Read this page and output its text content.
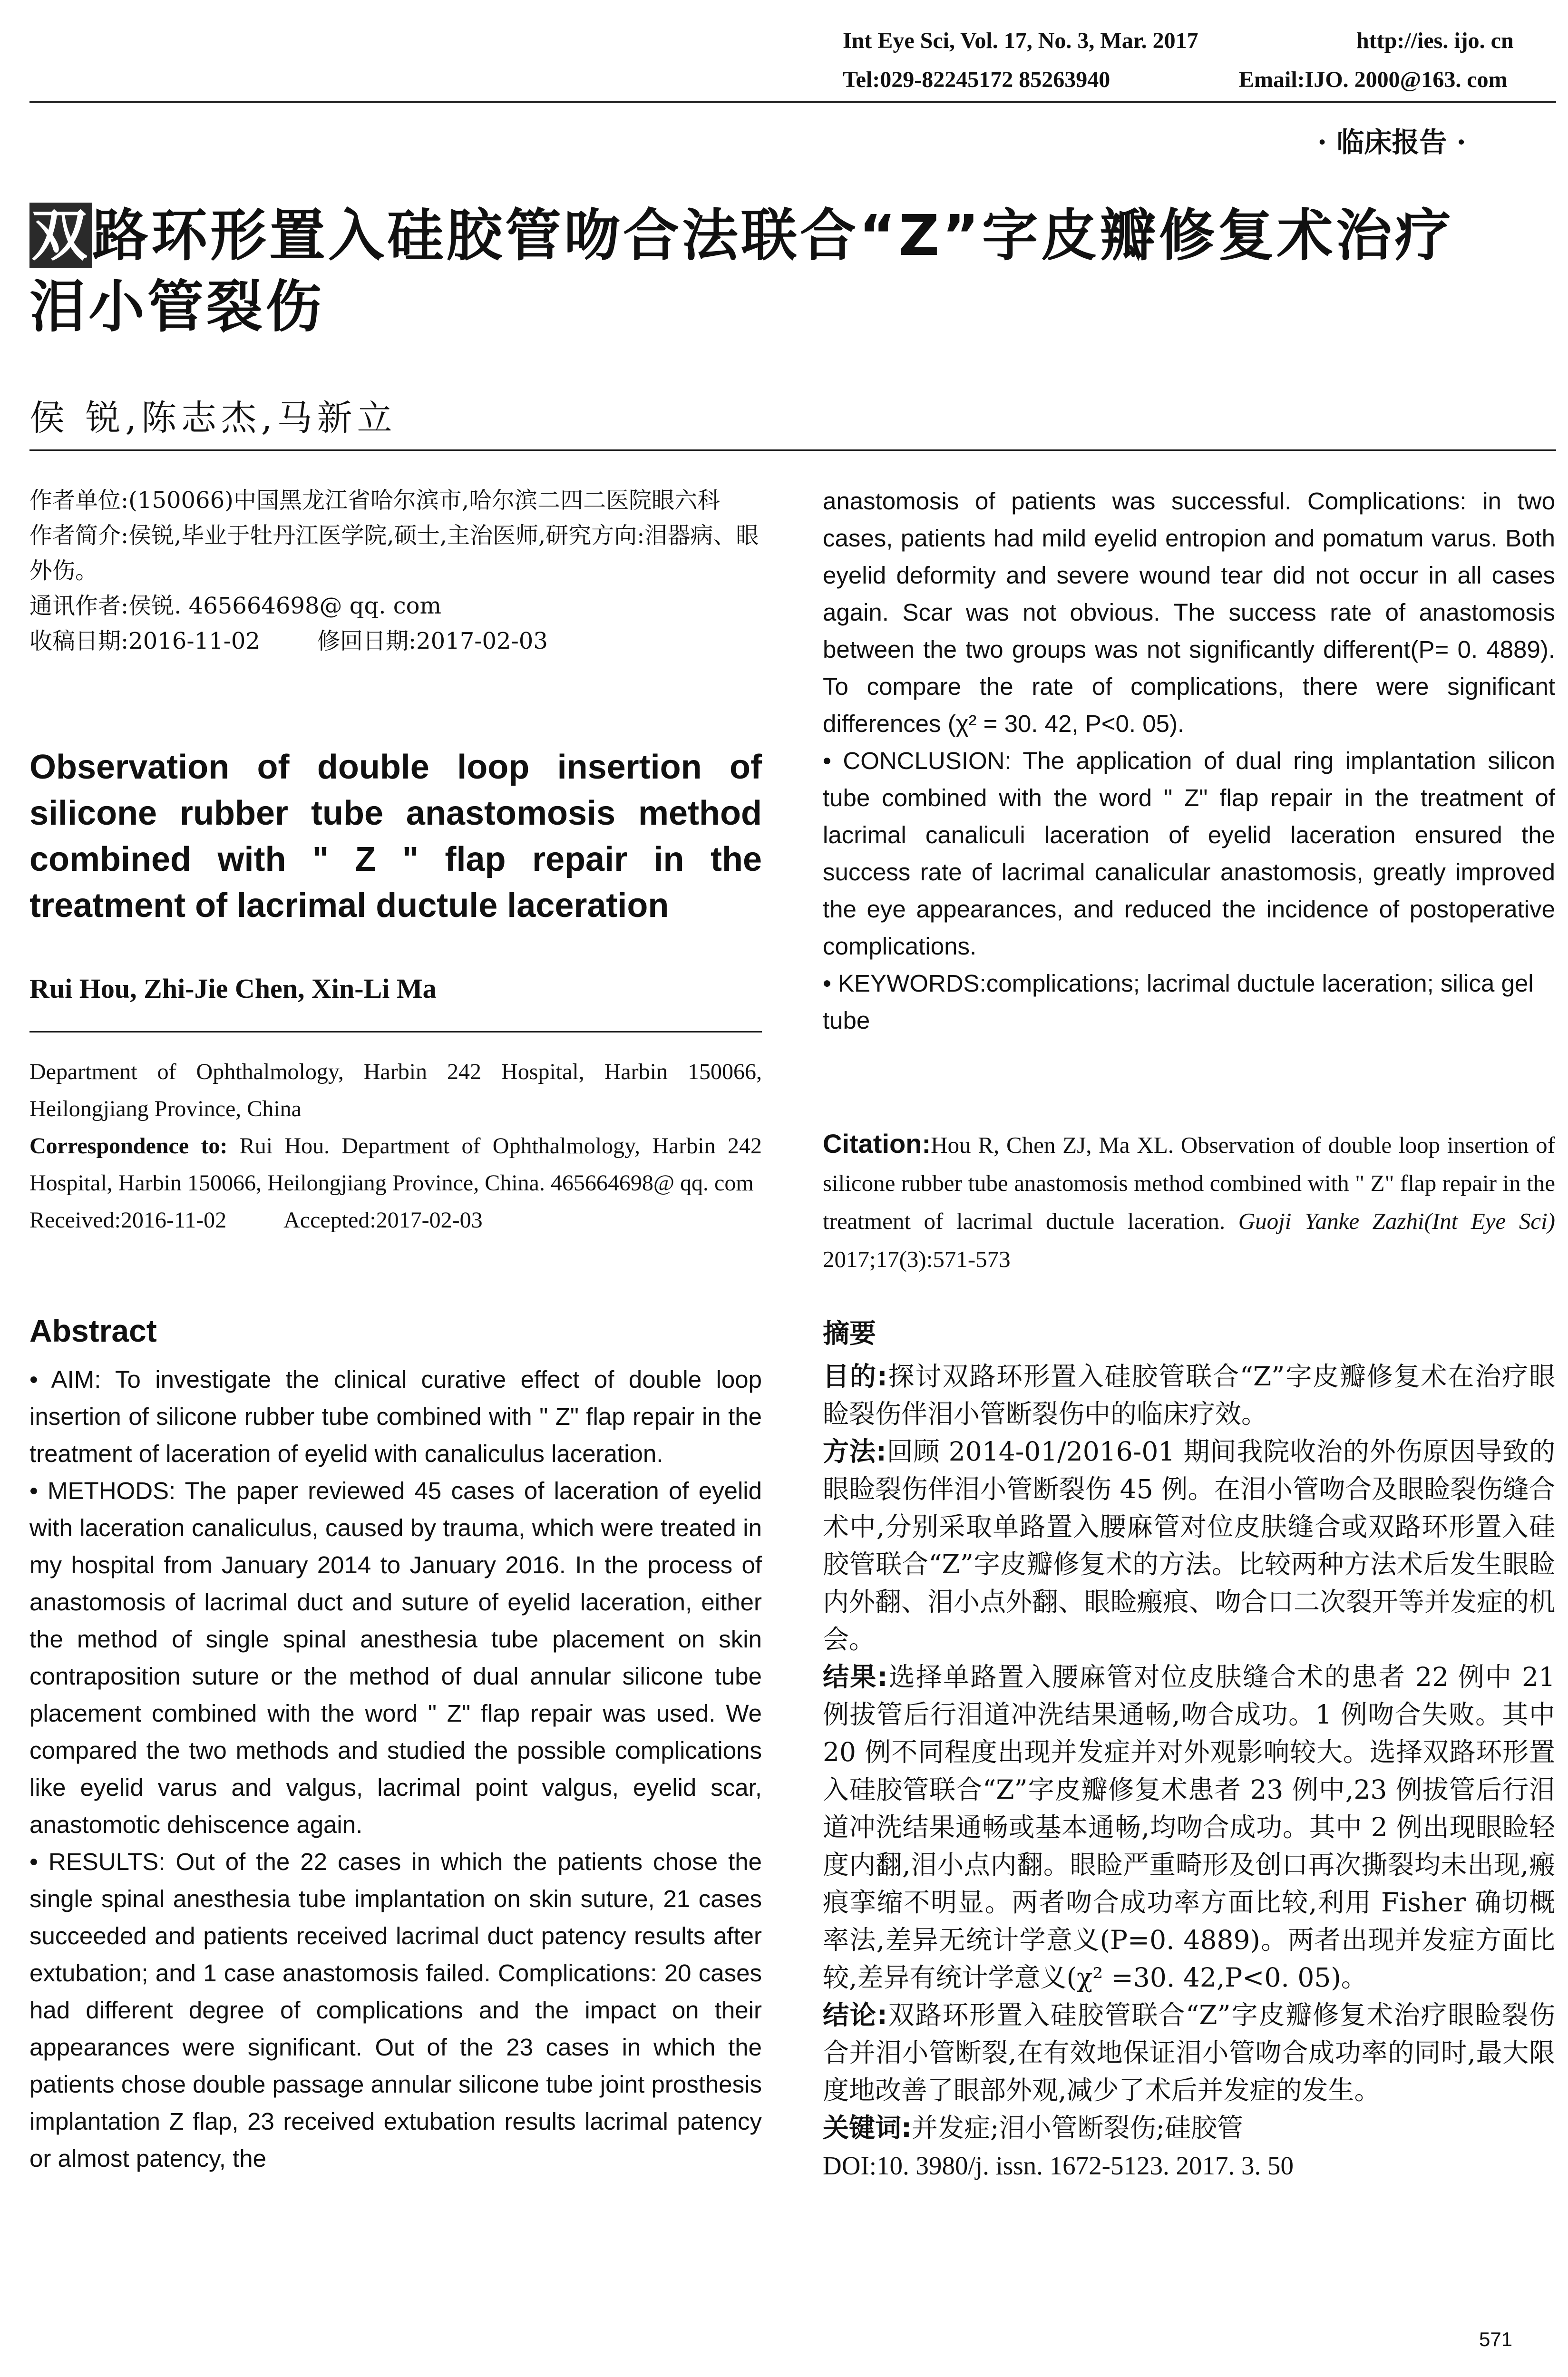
Int Eye Sci, Vol. 17, No. 3, Mar. 2017	http://ies. ijo. cn
Tel:029-82245172 85263940	Email:IJO. 2000@163. com
· 临床报告 ·
双路环形置入硅胶管吻合法联合“Z”字皮瓣修复术治疗
泪小管裂伤
侯 锐,陈志杰,马新立

作者单位:(150066)中国黑龙江省哈尔滨市,哈尔滨二四二医院眼六科

作者简介:侯锐,毕业于牡丹江医学院,硕士,主治医师,研究方向:泪器病、眼外伤。

通讯作者:侯锐. 465664698@ qq. com

收稿日期:2016-11-02	修回日期:2017-02-03

Observation of double loop insertion of silicone rubber tube anastomosis method combined with " Z " flap repair in the treatment of lacrimal ductule laceration
Rui Hou, Zhi-Jie Chen, Xin-Li Ma

Department of Ophthalmology, Harbin 242 Hospital, Harbin 150066, Heilongjiang Province, China

Correspondence to: Rui Hou. Department of Ophthalmology, Harbin 242 Hospital, Harbin 150066, Heilongjiang Province, China. 465664698@ qq. com

Received:2016-11-02	Accepted:2017-02-03

Abstract

• AIM: To investigate the clinical curative effect of double loop insertion of silicone rubber tube combined with " Z" flap repair in the treatment of laceration of eyelid with canaliculus laceration.

• METHODS: The paper reviewed 45 cases of laceration of eyelid with laceration canaliculus, caused by trauma, which were treated in my hospital from January 2014 to January 2016. In the process of anastomosis of lacrimal duct and suture of eyelid laceration, either the method of single spinal anesthesia tube placement on skin contraposition suture or the method of dual annular silicone tube placement combined with the word " Z" flap repair was used. We compared the two methods and studied the possible complications like eyelid varus and valgus, lacrimal point valgus, eyelid scar, anastomotic dehiscence again.

• RESULTS: Out of the 22 cases in which the patients chose the single spinal anesthesia tube implantation on skin suture, 21 cases succeeded and patients received lacrimal duct patency results after extubation; and 1 case anastomosis failed. Complications: 20 cases had different degree of complications and the impact on their appearances were significant. Out of the 23 cases in which the patients chose double passage annular silicone tube joint prosthesis implantation Z flap, 23 received extubation results lacrimal patency or almost patency, the

anastomosis of patients was successful. Complications: in two cases, patients had mild eyelid entropion and pomatum varus. Both eyelid deformity and severe wound tear did not occur in all cases again. Scar was not obvious. The success rate of anastomosis between the two groups was not significantly different(P= 0. 4889). To compare the rate of complications, there were significant differences (χ² = 30. 42, P<0. 05).

• CONCLUSION: The application of dual ring implantation silicon tube combined with the word " Z" flap repair in the treatment of lacrimal canaliculi laceration of eyelid laceration ensured the success rate of lacrimal canalicular anastomosis, greatly improved the eye appearances, and reduced the incidence of postoperative complications.

• KEYWORDS:complications; lacrimal ductule laceration; silica gel tube

Citation:Hou R, Chen ZJ, Ma XL. Observation of double loop insertion of silicone rubber tube anastomosis method combined with " Z" flap repair in the treatment of lacrimal ductule laceration. Guoji Yanke Zazhi(Int Eye Sci) 2017;17(3):571-573
摘要

目的:探讨双路环形置入硅胶管联合“Z”字皮瓣修复术在治疗眼睑裂伤伴泪小管断裂伤中的临床疗效。

方法:回顾 2014-01/2016-01 期间我院收治的外伤原因导致的眼睑裂伤伴泪小管断裂伤 45 例。在泪小管吻合及眼睑裂伤缝合术中,分别采取单路置入腰麻管对位皮肤缝合或双路环形置入硅胶管联合“Z”字皮瓣修复术的方法。比较两种方法术后发生眼睑内外翻、泪小点外翻、眼睑瘢痕、吻合口二次裂开等并发症的机会。

结果:选择单路置入腰麻管对位皮肤缝合术的患者 22 例中 21 例拔管后行泪道冲洗结果通畅,吻合成功。1 例吻合失败。其中 20 例不同程度出现并发症并对外观影响较大。选择双路环形置入硅胶管联合“Z”字皮瓣修复术患者 23 例中,23 例拔管后行泪道冲洗结果通畅或基本通畅,均吻合成功。其中 2 例出现眼睑轻度内翻,泪小点内翻。眼睑严重畸形及创口再次撕裂均未出现,瘢痕挛缩不明显。两者吻合成功率方面比较,利用 Fisher 确切概率法,差异无统计学意义(P=0. 4889)。两者出现并发症方面比较,差异有统计学意义(χ² =30. 42,P<0. 05)。

结论:双路环形置入硅胶管联合“Z”字皮瓣修复术治疗眼睑裂伤合并泪小管断裂,在有效地保证泪小管吻合成功率的同时,最大限度地改善了眼部外观,减少了术后并发症的发生。

关键词:并发症;泪小管断裂伤;硅胶管

DOI:10. 3980/j. issn. 1672-5123. 2017. 3. 50

571
